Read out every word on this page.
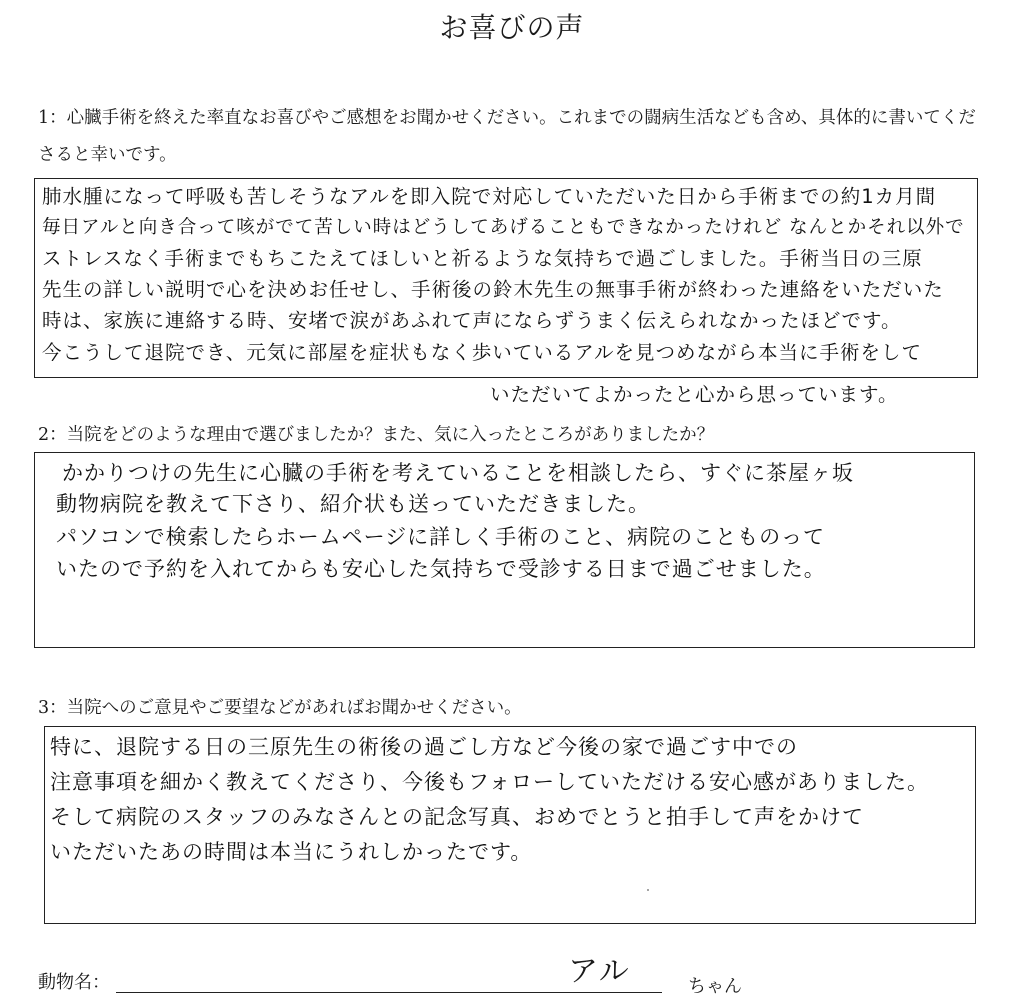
お喜びの声
1：心臓手術を終えた率直なお喜びやご感想をお聞かせください。これまでの闘病生活なども含め、具体的に書いてくださると幸いです。
肺水腫になって呼吸も苦しそうなアルを即入院で対応していただいた日から手術までの約1カ月間
毎日アルと向き合って咳がでて苦しい時はどうしてあげることもできなかったけれど なんとかそれ以外で
ストレスなく手術までもちこたえてほしいと祈るような気持ちで過ごしました。手術当日の三原
先生の詳しい説明で心を決めお任せし、手術後の鈴木先生の無事手術が終わった連絡をいただいた
時は、家族に連絡する時、安堵で涙があふれて声にならずうまく伝えられなかったほどです。
今こうして退院でき、元気に部屋を症状もなく歩いているアルを見つめながら本当に手術をして
いただいてよかったと心から思っています。
2：当院をどのような理由で選びましたか？また、気に入ったところがありましたか？
かかりつけの先生に心臓の手術を考えていることを相談したら、すぐに茶屋ヶ坂
動物病院を教えて下さり、紹介状も送っていただきました。
パソコンで検索したらホームページに詳しく手術のこと、病院のことものって
いたので予約を入れてからも安心した気持ちで受診する日まで過ごせました。
3：当院へのご意見やご要望などがあればお聞かせください。
特に、退院する日の三原先生の術後の過ごし方など今後の家で過ごす中での
注意事項を細かく教えてくださり、今後もフォローしていただける安心感がありました。
そして病院のスタッフのみなさんとの記念写真、おめでとうと拍手して声をかけて
いただいたあの時間は本当にうれしかったです。
動物名：	アル	ちゃん
